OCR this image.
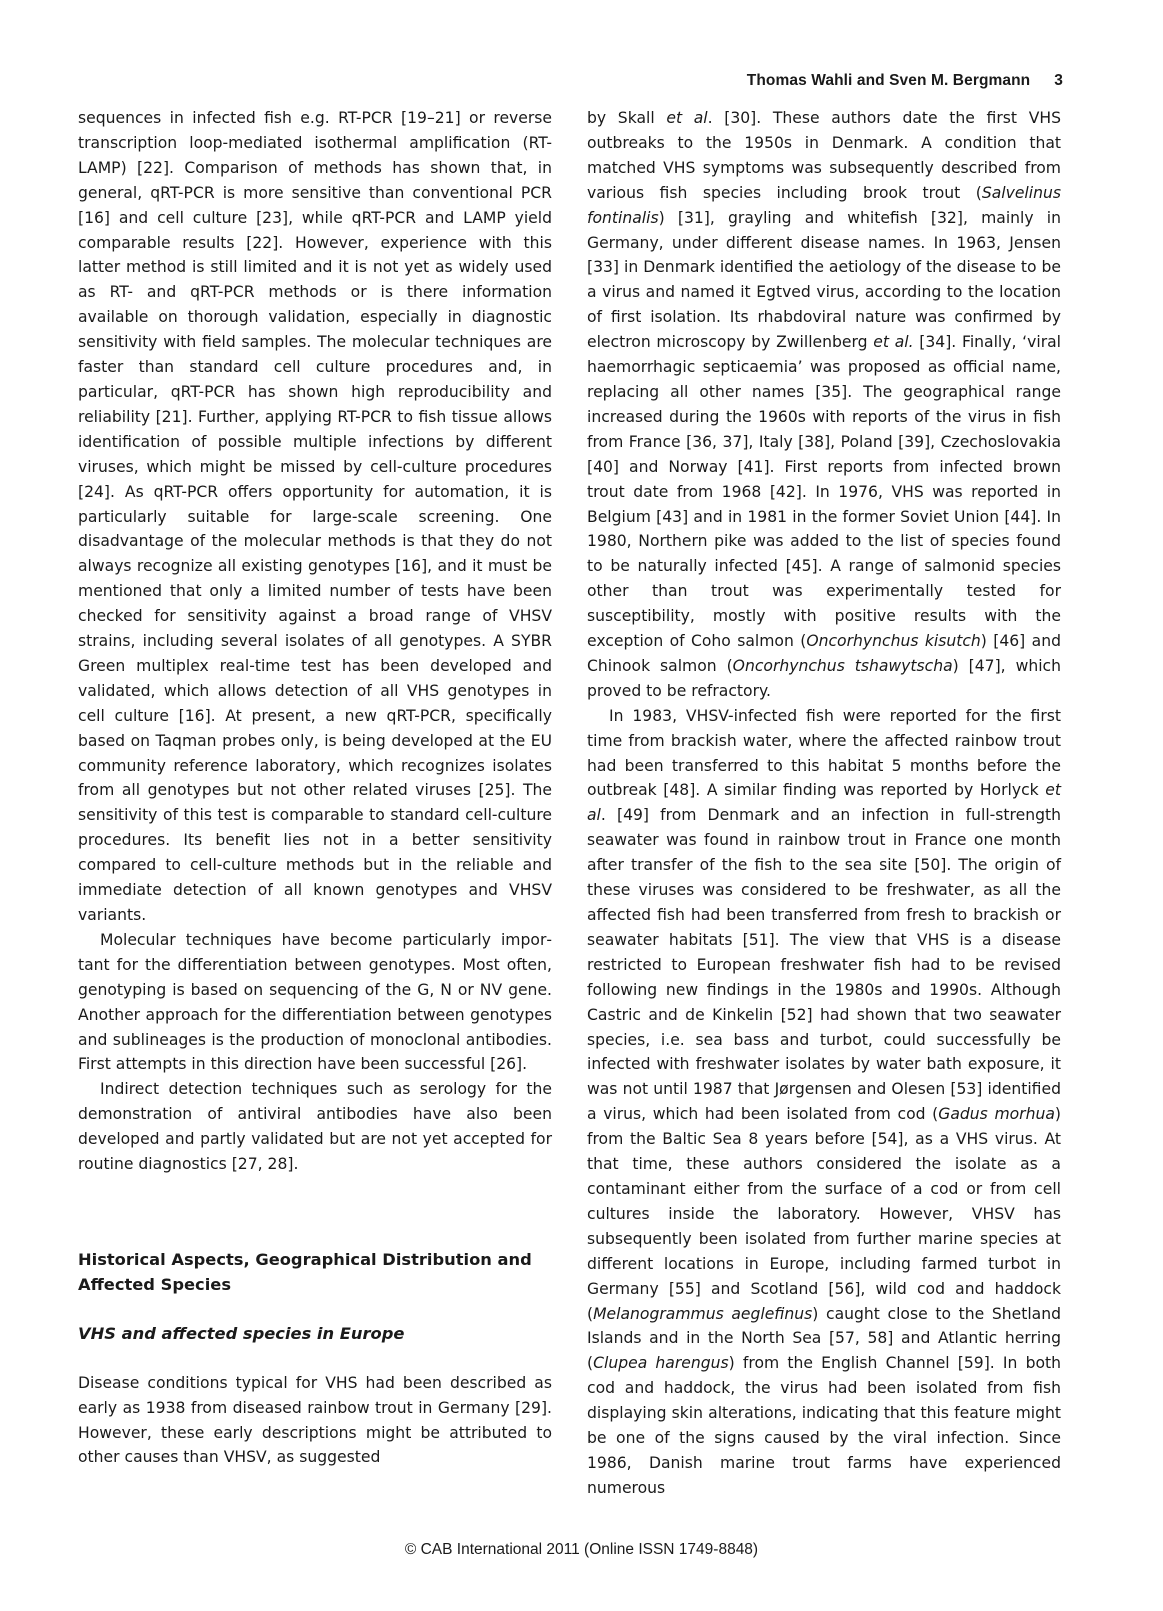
Thomas Wahli and Sven M. Bergmann 3

sequences in infected fish e.g. RT-PCR [19–21] or reverse transcription loop-mediated isothermal amplification (RT-LAMP) [22]. Comparison of methods has shown that, in general, qRT-PCR is more sensitive than conventional PCR [16] and cell culture [23], while qRT-PCR and LAMP yield comparable results [22]. However, experience with this latter method is still limited and it is not yet as widely used as RT- and qRT-PCR methods or is there information available on thorough validation, especially in diagnostic sensitivity with field samples. The molecular techniques are faster than standard cell culture procedures and, in particular, qRT-PCR has shown high reproducibility and reliability [21]. Further, applying RT-PCR to fish tissue allows identification of possible multiple infections by different viruses, which might be missed by cell-culture procedures [24]. As qRT-PCR offers opportunity for automation, it is particularly suitable for large-scale screening. One disadvantage of the molecular methods is that they do not always recognize all existing genotypes [16], and it must be mentioned that only a limited number of tests have been checked for sensitivity against a broad range of VHSV strains, including several isolates of all genotypes. A SYBR Green multiplex real-time test has been developed and validated, which allows detection of all VHS genotypes in cell culture [16]. At present, a new qRT-PCR, specifically based on Taqman probes only, is being developed at the EU community reference laboratory, which recognizes isolates from all genotypes but not other related viruses [25]. The sensitivity of this test is comparable to standard cell-culture procedures. Its benefit lies not in a better sensitivity compared to cell-culture methods but in the reliable and immediate detection of all known genotypes and VHSV variants.

Molecular techniques have become particularly important for the differentiation between genotypes. Most often, genotyping is based on sequencing of the G, N or NV gene. Another approach for the differentiation between genotypes and sublineages is the production of monoclonal antibodies. First attempts in this direction have been successful [26].

Indirect detection techniques such as serology for the demonstration of antiviral antibodies have also been developed and partly validated but are not yet accepted for routine diagnostics [27, 28].

Historical Aspects, Geographical Distribution and Affected Species
VHS and affected species in Europe

Disease conditions typical for VHS had been described as early as 1938 from diseased rainbow trout in Germany [29]. However, these early descriptions might be attributed to other causes than VHSV, as suggested

by Skall et al. [30]. These authors date the first VHS outbreaks to the 1950s in Denmark. A condition that matched VHS symptoms was subsequently described from various fish species including brook trout (Salvelinus fontinalis) [31], grayling and whitefish [32], mainly in Germany, under different disease names. In 1963, Jensen [33] in Denmark identified the aetiology of the disease to be a virus and named it Egtved virus, according to the location of first isolation. Its rhabdoviral nature was confirmed by electron microscopy by Zwillenberg et al. [34]. Finally, ‘viral haemorrhagic septicaemia’ was proposed as official name, replacing all other names [35]. The geographical range increased during the 1960s with reports of the virus in fish from France [36, 37], Italy [38], Poland [39], Czechoslovakia [40] and Norway [41]. First reports from infected brown trout date from 1968 [42]. In 1976, VHS was reported in Belgium [43] and in 1981 in the former Soviet Union [44]. In 1980, Northern pike was added to the list of species found to be naturally infected [45]. A range of salmonid species other than trout was experimentally tested for susceptibility, mostly with positive results with the exception of Coho salmon (Oncorhynchus kisutch) [46] and Chinook salmon (Oncorhynchus tshawytscha) [47], which proved to be refractory.

In 1983, VHSV-infected fish were reported for the first time from brackish water, where the affected rainbow trout had been transferred to this habitat 5 months before the outbreak [48]. A similar finding was reported by Horlyck et al. [49] from Denmark and an infection in full-strength seawater was found in rainbow trout in France one month after transfer of the fish to the sea site [50]. The origin of these viruses was considered to be freshwater, as all the affected fish had been transferred from fresh to brackish or seawater habitats [51]. The view that VHS is a disease restricted to European freshwater fish had to be revised following new findings in the 1980s and 1990s. Although Castric and de Kinkelin [52] had shown that two seawater species, i.e. sea bass and turbot, could successfully be infected with freshwater isolates by water bath exposure, it was not until 1987 that Jørgensen and Olesen [53] identified a virus, which had been isolated from cod (Gadus morhua) from the Baltic Sea 8 years before [54], as a VHS virus. At that time, these authors considered the isolate as a contaminant either from the surface of a cod or from cell cultures inside the laboratory. However, VHSV has subsequently been isolated from further marine species at different locations in Europe, including farmed turbot in Germany [55] and Scotland [56], wild cod and haddock (Melanogrammus aeglefinus) caught close to the Shetland Islands and in the North Sea [57, 58] and Atlantic herring (Clupea harengus) from the English Channel [59]. In both cod and haddock, the virus had been isolated from fish displaying skin alterations, indicating that this feature might be one of the signs caused by the viral infection. Since 1986, Danish marine trout farms have experienced numerous

© CAB International 2011 (Online ISSN 1749-8848)
